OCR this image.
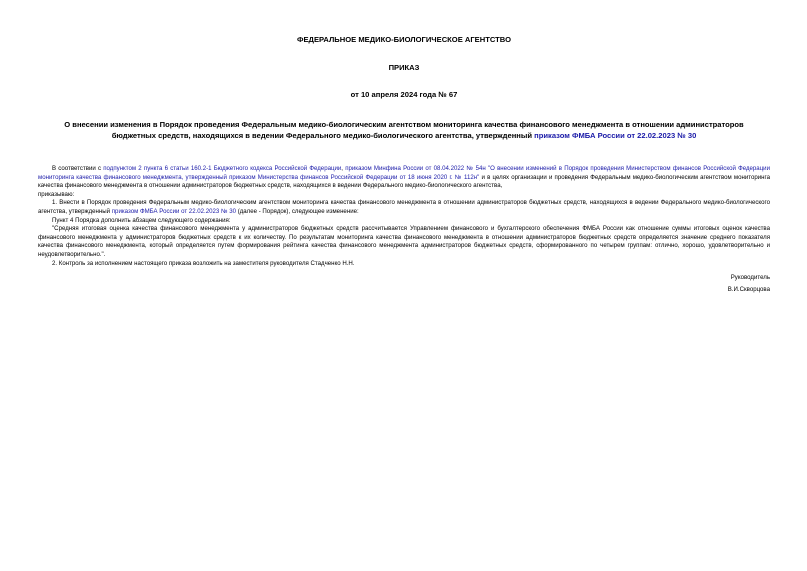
ФЕДЕРАЛЬНОЕ МЕДИКО-БИОЛОГИЧЕСКОЕ АГЕНТСТВО
ПРИКАЗ
от 10 апреля 2024 года № 67
О внесении изменения в Порядок проведения Федеральным медико-биологическим агентством мониторинга качества финансового менеджмента в отношении администраторов бюджетных средств, находящихся в ведении Федерального медико-биологического агентства, утвержденный приказом ФМБА России от 22.02.2023 № 30

В соответствии с подпунктом 2 пункта 6 статьи 160.2-1 Бюджетного кодекса Российской Федерации, приказом Минфина России от 08.04.2022 № 54н "О внесении изменений в Порядок проведения Министерством финансов Российской Федерации мониторинга качества финансового менеджмента, утвержденный приказом Министерства финансов Российской Федерации от 18 июня 2020 г. № 112н" и в целях организации и проведения Федеральным медико-биологическим агентством мониторинга качества финансового менеджмента в отношении администраторов бюджетных средств, находящихся в ведении Федерального медико-биологического агентства,

приказываю:

1. Внести в Порядок проведения Федеральным медико-биологическим агентством мониторинга качества финансового менеджмента в отношении администраторов бюджетных средств, находящихся в ведении Федерального медико-биологического агентства, утвержденный приказом ФМБА России от 22.02.2023 № 30 (далее - Порядок), следующее изменение:

Пункт 4 Порядка дополнить абзацем следующего содержания:

"Средняя итоговая оценка качества финансового менеджмента у администраторов бюджетных средств рассчитывается Управлением финансового и бухгалтерского обеспечения ФМБА России как отношение суммы итоговых оценок качества финансового менеджмента у администраторов бюджетных средств к их количеству. По результатам мониторинга качества финансового менеджмента в отношении администраторов бюджетных средств определяется значение среднего показателя качества финансового менеджмента, который определяется путем формирования рейтинга качества финансового менеджмента администраторов бюджетных средств, сформированного по четырем группам: отлично, хорошо, удовлетворительно и неудовлетворительно.".

2. Контроль за исполнением настоящего приказа возложить на заместителя руководителя Стадченко Н.Н.

Руководитель
В.И.Скворцова
